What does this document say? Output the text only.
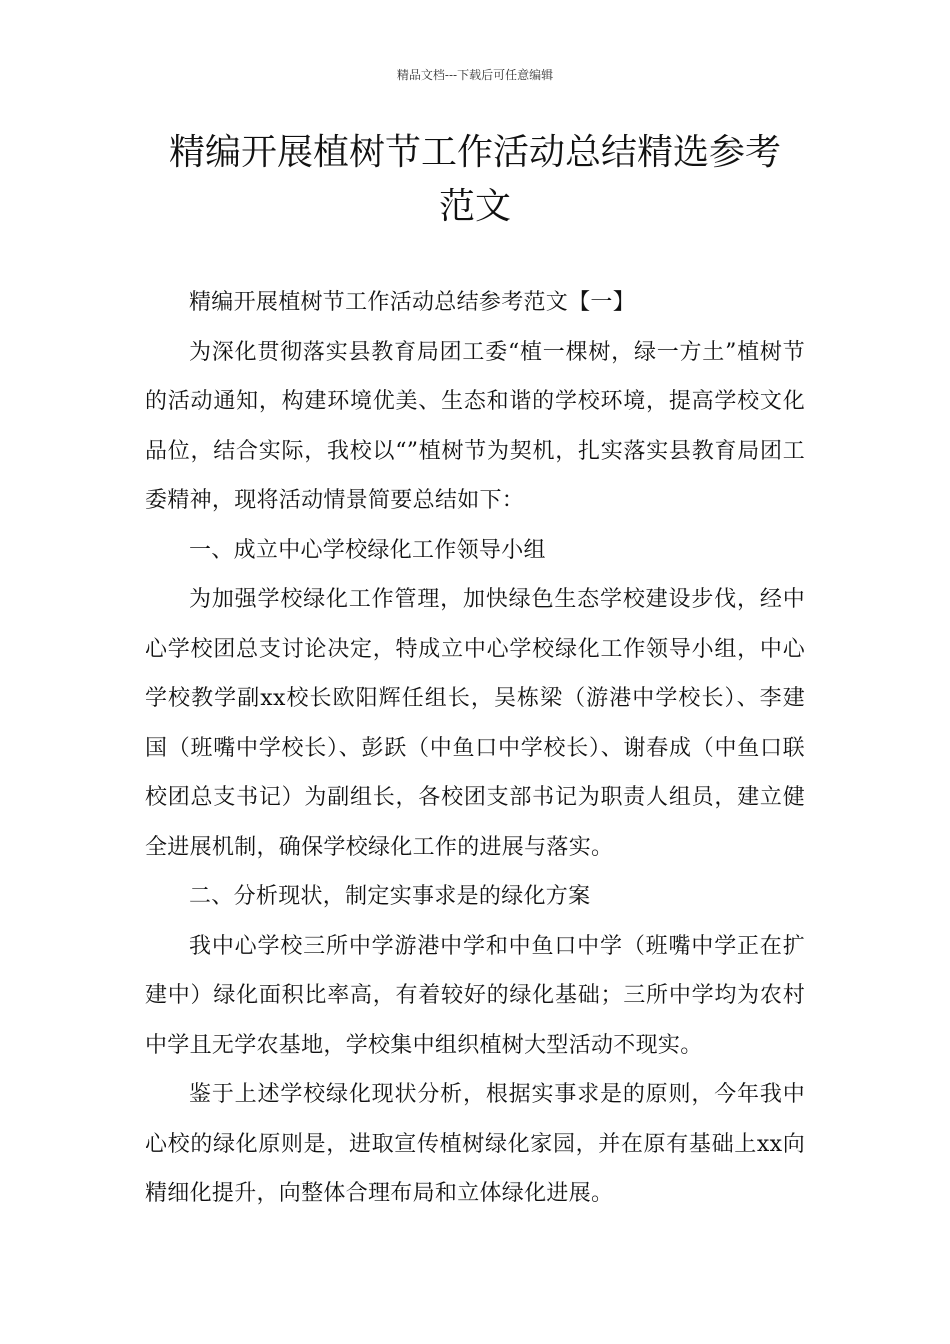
精品文档---下载后可任意编辑
精编开展植树节工作活动总结精选参考
范文

精编开展植树节工作活动总结参考范文【一】

为深化贯彻落实县教育局团工委“植一棵树，绿一方土”植树节的活动通知，构建环境优美、生态和谐的学校环境，提高学校文化品位，结合实际，我校以“”植树节为契机，扎实落实县教育局团工委精神，现将活动情景简要总结如下：

一、成立中心学校绿化工作领导小组

为加强学校绿化工作管理，加快绿色生态学校建设步伐，经中心学校团总支讨论决定，特成立中心学校绿化工作领导小组，中心学校教学副xx校长欧阳辉任组长，吴栋梁（游港中学校长）、李建国（班嘴中学校长）、彭跃（中鱼口中学校长）、谢春成（中鱼口联校团总支书记）为副组长，各校团支部书记为职责人组员，建立健全进展机制，确保学校绿化工作的进展与落实。

二、分析现状，制定实事求是的绿化方案

我中心学校三所中学游港中学和中鱼口中学（班嘴中学正在扩建中）绿化面积比率高，有着较好的绿化基础；三所中学均为农村中学且无学农基地，学校集中组织植树大型活动不现实。

鉴于上述学校绿化现状分析，根据实事求是的原则，今年我中心校的绿化原则是，进取宣传植树绿化家园，并在原有基础上xx向精细化提升，向整体合理布局和立体绿化进展。
